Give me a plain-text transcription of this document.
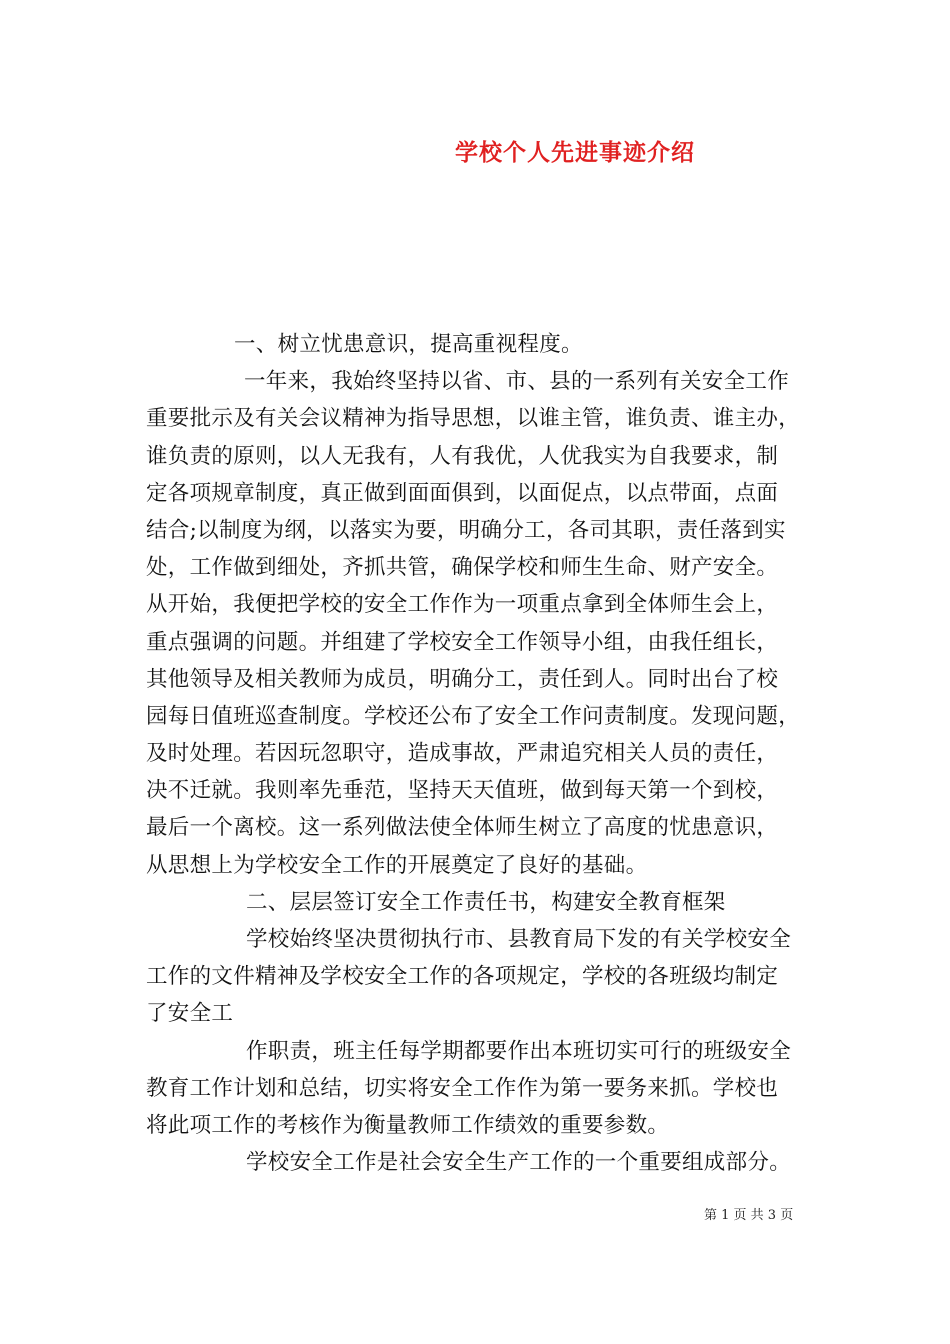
学校个人先进事迹介绍
一、树立忧患意识，提高重视程度。
一年来，我始终坚持以省、市、县的一系列有关安全工作
重要批示及有关会议精神为指导思想，以谁主管，谁负责、谁主办，
谁负责的原则，以人无我有，人有我优，人优我实为自我要求，制
定各项规章制度，真正做到面面俱到，以面促点，以点带面，点面
结合;以制度为纲，以落实为要，明确分工，各司其职，责任落到实
处，工作做到细处，齐抓共管，确保学校和师生生命、财产安全。
从开始，我便把学校的安全工作作为一项重点拿到全体师生会上，
重点强调的问题。并组建了学校安全工作领导小组，由我任组长，
其他领导及相关教师为成员，明确分工，责任到人。同时出台了校
园每日值班巡查制度。学校还公布了安全工作问责制度。发现问题，
及时处理。若因玩忽职守，造成事故，严肃追究相关人员的责任，
决不迁就。我则率先垂范，坚持天天值班，做到每天第一个到校，
最后一个离校。这一系列做法使全体师生树立了高度的忧患意识，
从思想上为学校安全工作的开展奠定了良好的基础。
二、层层签订安全工作责任书，构建安全教育框架
学校始终坚决贯彻执行市、县教育局下发的有关学校安全
工作的文件精神及学校安全工作的各项规定，学校的各班级均制定
了安全工
作职责，班主任每学期都要作出本班切实可行的班级安全
教育工作计划和总结，切实将安全工作作为第一要务来抓。学校也
将此项工作的考核作为衡量教师工作绩效的重要参数。
学校安全工作是社会安全生产工作的一个重要组成部分。
第 1 页 共 3 页
